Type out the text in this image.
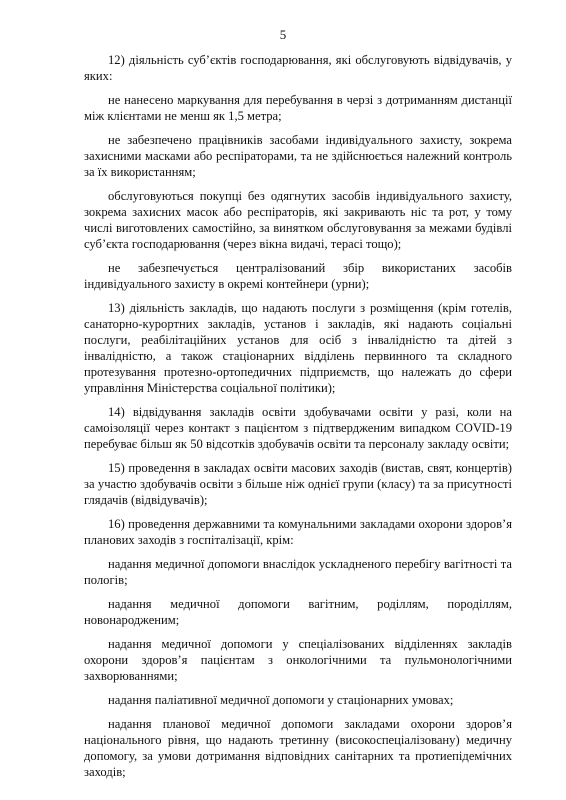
5

12) діяльність суб’єктів господарювання, які обслуговують відвідувачів, у яких:

не нанесено маркування для перебування в черзі з дотриманням дистанції між клієнтами не менш як 1,5 метра;

не забезпечено працівників засобами індивідуального захисту, зокрема захисними масками або респіраторами, та не здійснюється належний контроль за їх використанням;

обслуговуються покупці без одягнутих засобів індивідуального захисту, зокрема захисних масок або респіраторів, які закривають ніс та рот, у тому числі виготовлених самостійно, за винятком обслуговування за межами будівлі суб’єкта господарювання (через вікна видачі, терасі тощо);

не забезпечується централізований збір використаних засобів індивідуального захисту в окремі контейнери (урни);

13) діяльність закладів, що надають послуги з розміщення (крім готелів, санаторно-курортних закладів, установ і закладів, які надають соціальні послуги, реабілітаційних установ для осіб з інвалідністю та дітей з інвалідністю, а також стаціонарних відділень первинного та складного протезування протезно-ортопедичних підприємств, що належать до сфери управління Міністерства соціальної політики);

14) відвідування закладів освіти здобувачами освіти у разі, коли на самоізоляції через контакт з пацієнтом з підтвердженим випадком COVID-19 перебуває більш як 50 відсотків здобувачів освіти та персоналу закладу освіти;

15) проведення в закладах освіти масових заходів (вистав, свят, концертів) за участю здобувачів освіти з більше ніж однієї групи (класу) та за присутності глядачів (відвідувачів);

16) проведення державними та комунальними закладами охорони здоров’я планових заходів з госпіталізації, крім:

надання медичної допомоги внаслідок ускладненого перебігу вагітності та пологів;

надання медичної допомоги вагітним, роділлям, породіллям, новонародженим;

надання медичної допомоги у спеціалізованих відділеннях закладів охорони здоров’я пацієнтам з онкологічними та пульмонологічними захворюваннями;

надання паліативної медичної допомоги у стаціонарних умовах;

надання планової медичної допомоги закладами охорони здоров’я національного рівня, що надають третинну (високоспеціалізовану) медичну допомогу, за умови дотримання відповідних санітарних та протиепідемічних заходів;
